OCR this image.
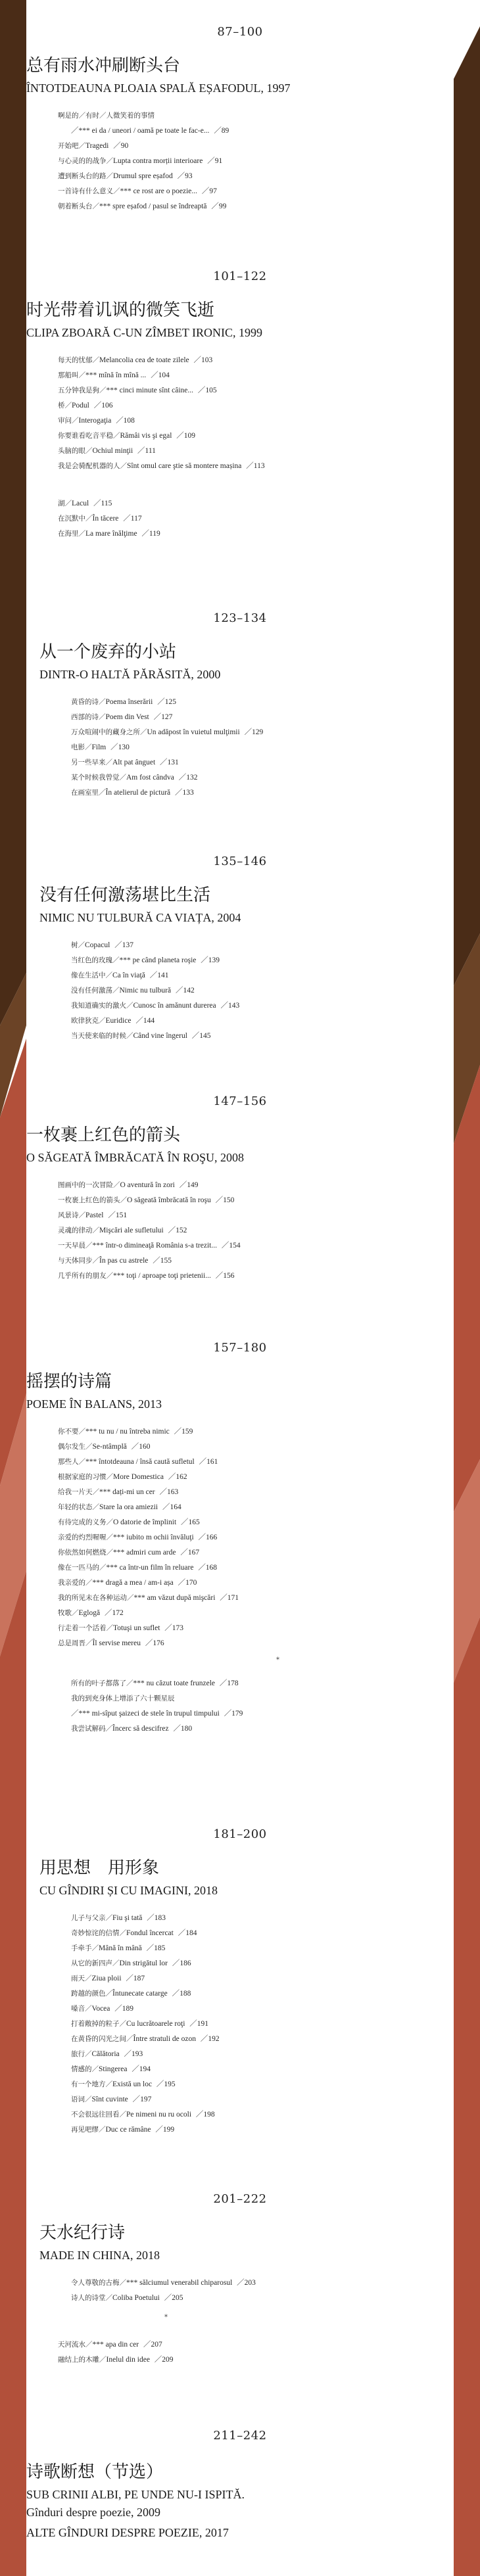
87–100
总有雨水冲刷断头台
ÎNTOTDEAUNA PLOAIA SPALĂ EȘAFODUL, 1997
啊是的／有时／人微笑着的事情
／*** ei da / uneori / oamă pe toate le fac-e... ／89
开始吧／Tragedi ／90
与心灵的的战争／Lupta contra morții interioare ／91
遭到断头台的路／Drumul spre eșafod ／93
一首诗有什么意义／*** ce rost are o poezie... ／97
朝着断头台／*** spre eșafod / pasul se îndreaptă ／99
101–122
时光带着讥讽的微笑飞逝
CLIPA ZBOARĂ C-UN ZÎMBET IRONIC, 1999
每天的忧郁／Melancolia cea de toate zilele ／103
那船叫／*** mînă în mînă ... ／104
五分钟我是狗／*** cinci minute sînt câine... ／105
桥／Podul ／106
审问／Interogaţia ／108
你要谁看吃音平稳／Rămâi vis şi egal ／109
头脑的眼／Ochiul minţii ／111
我是会骑配机器的人／Sînt omul care ştie să montere mașina ／113
湖／Lacul ／115
在沉默中／În tăcere ／117
在海里／La mare înălţime ／119
123–134
从一个废弃的小站
DINTR-O HALTĂ PĂRĂSITĂ, 2000
黄昏的诗／Poema înserării ／125
西部的诗／Poem din Vest ／127
万众喧闹中的藏身之所／Un adăpost în vuietul mulţimii ／129
电影／Film ／130
另一些早来／Alt pat ânguet ／131
某个时候我曾觉／Am fost cândva ／132
在画室里／În atelierul de pictură ／133
135–146
没有任何激荡堪比生活
NIMIC NU TULBURĂ CA VIAȚA, 2004
树／Copacul ／137
当红色的玫瑰／*** pe când planeta roşie ／139
像在生活中／Ca în viaţă ／141
没有任何激荡／Nimic nu tulbură ／142
我知道确实的激火／Cunosc în amănunt durerea ／143
欧律狄克／Euridice ／144
当天使来临的时候／Când vine îngerul ／145
147–156
一枚裹上红色的箭头
O SĂGEATĂ ÎMBRĂCATĂ ÎN ROŞU, 2008
图画中的一次冒险／O aventură în zori ／149
一枚裹上红色的箭头／O săgeată îmbrăcată în roşu ／150
风景诗／Pastel ／151
灵魂的律动／Mişcări ale sufletului ／152
一天早晨／*** într-o dimineaţă România s-a trezit... ／154
与天体同步／În pas cu astrele ／155
几乎所有的朋友／*** toţi / aproape toţi prietenii... ／156
157–180
摇摆的诗篇
POEME ÎN BALANS, 2013
你不要／*** tu nu / nu întreba nimic ／159
偶尔发生／Se-ntâmplă ／160
那些人／*** întotdeauna / însă caută sufletul ／161
根据家庭的习惯／More Domestica ／162
给我一片天／*** dați-mi un cer ／163
年轻的状态／Stare la ora amiezii ／164
有待完成的义务／O datorie de împlinit ／165
亲爱的灼烈喔喔／*** iubito m ochii învăluţi ／166
你依然如何燃烧／*** admiri cum arde ／167
像在一匹马的／*** ca într-un film în reluare ／168
我亲爱的／*** dragă a mea / am-i așa ／170
我的所见未在各种运动／*** am văzut după mişcări ／171
牧歌／Eglogă ／172
行走着一个活着／Totuşi un suflet ／173
总是周晋／Îl servise mereu ／176
*
所有的叶子都落了／*** nu căzut toate frunzele ／178
我的到充身体上增添了六十颗星辰
／*** mi-sîput şaizeci de stele în trupul timpului ／179
我尝试解码／Încerc să descifrez ／180
181–200
用思想　用形象
CU GÎNDIRI ȘI CU IMAGINI, 2018
儿子与父亲／Fiu şi tată ／183
奇妙惊诧的信情／Fondul încercat ／184
手牵手／Mână în mână ／185
从它的新四声／Din strigătul lor ／186
雨天／Ziua ploii ／187
跨越的颜色／Întunecate catarge ／188
嗓音／Vocea ／189
打着敞掉的粒子／Cu lucrătoarele roţi ／191
在黄昏的闪光之间／Între stratuli de ozon ／192
旅行／Călătoria ／193
情感的／Stingerea ／194
有一个地方／Există un loc ／195
语词／Sînt cuvinte ／197
不会很远往回看／Pe nimeni nu ru ocoli ／198
再见吧缪／Duc ce rămâne ／199
201–222
天水纪行诗
MADE IN CHINA, 2018
令人尊敬的古梅／*** sălciumul venerabil chiparosul ／203
诗人的诗堂／Coliba Poetului ／205
*
天河流水／*** apa din cer ／207
融结上的木雕／Inelul din idee ／209
211–242
诗歌断想（节选）
SUB CRINII ALBI, PE UNDE NU-I ISPITĂ.
Gînduri despre poezie, 2009
ALTE GÎNDURI DESPRE POEZIE, 2017
